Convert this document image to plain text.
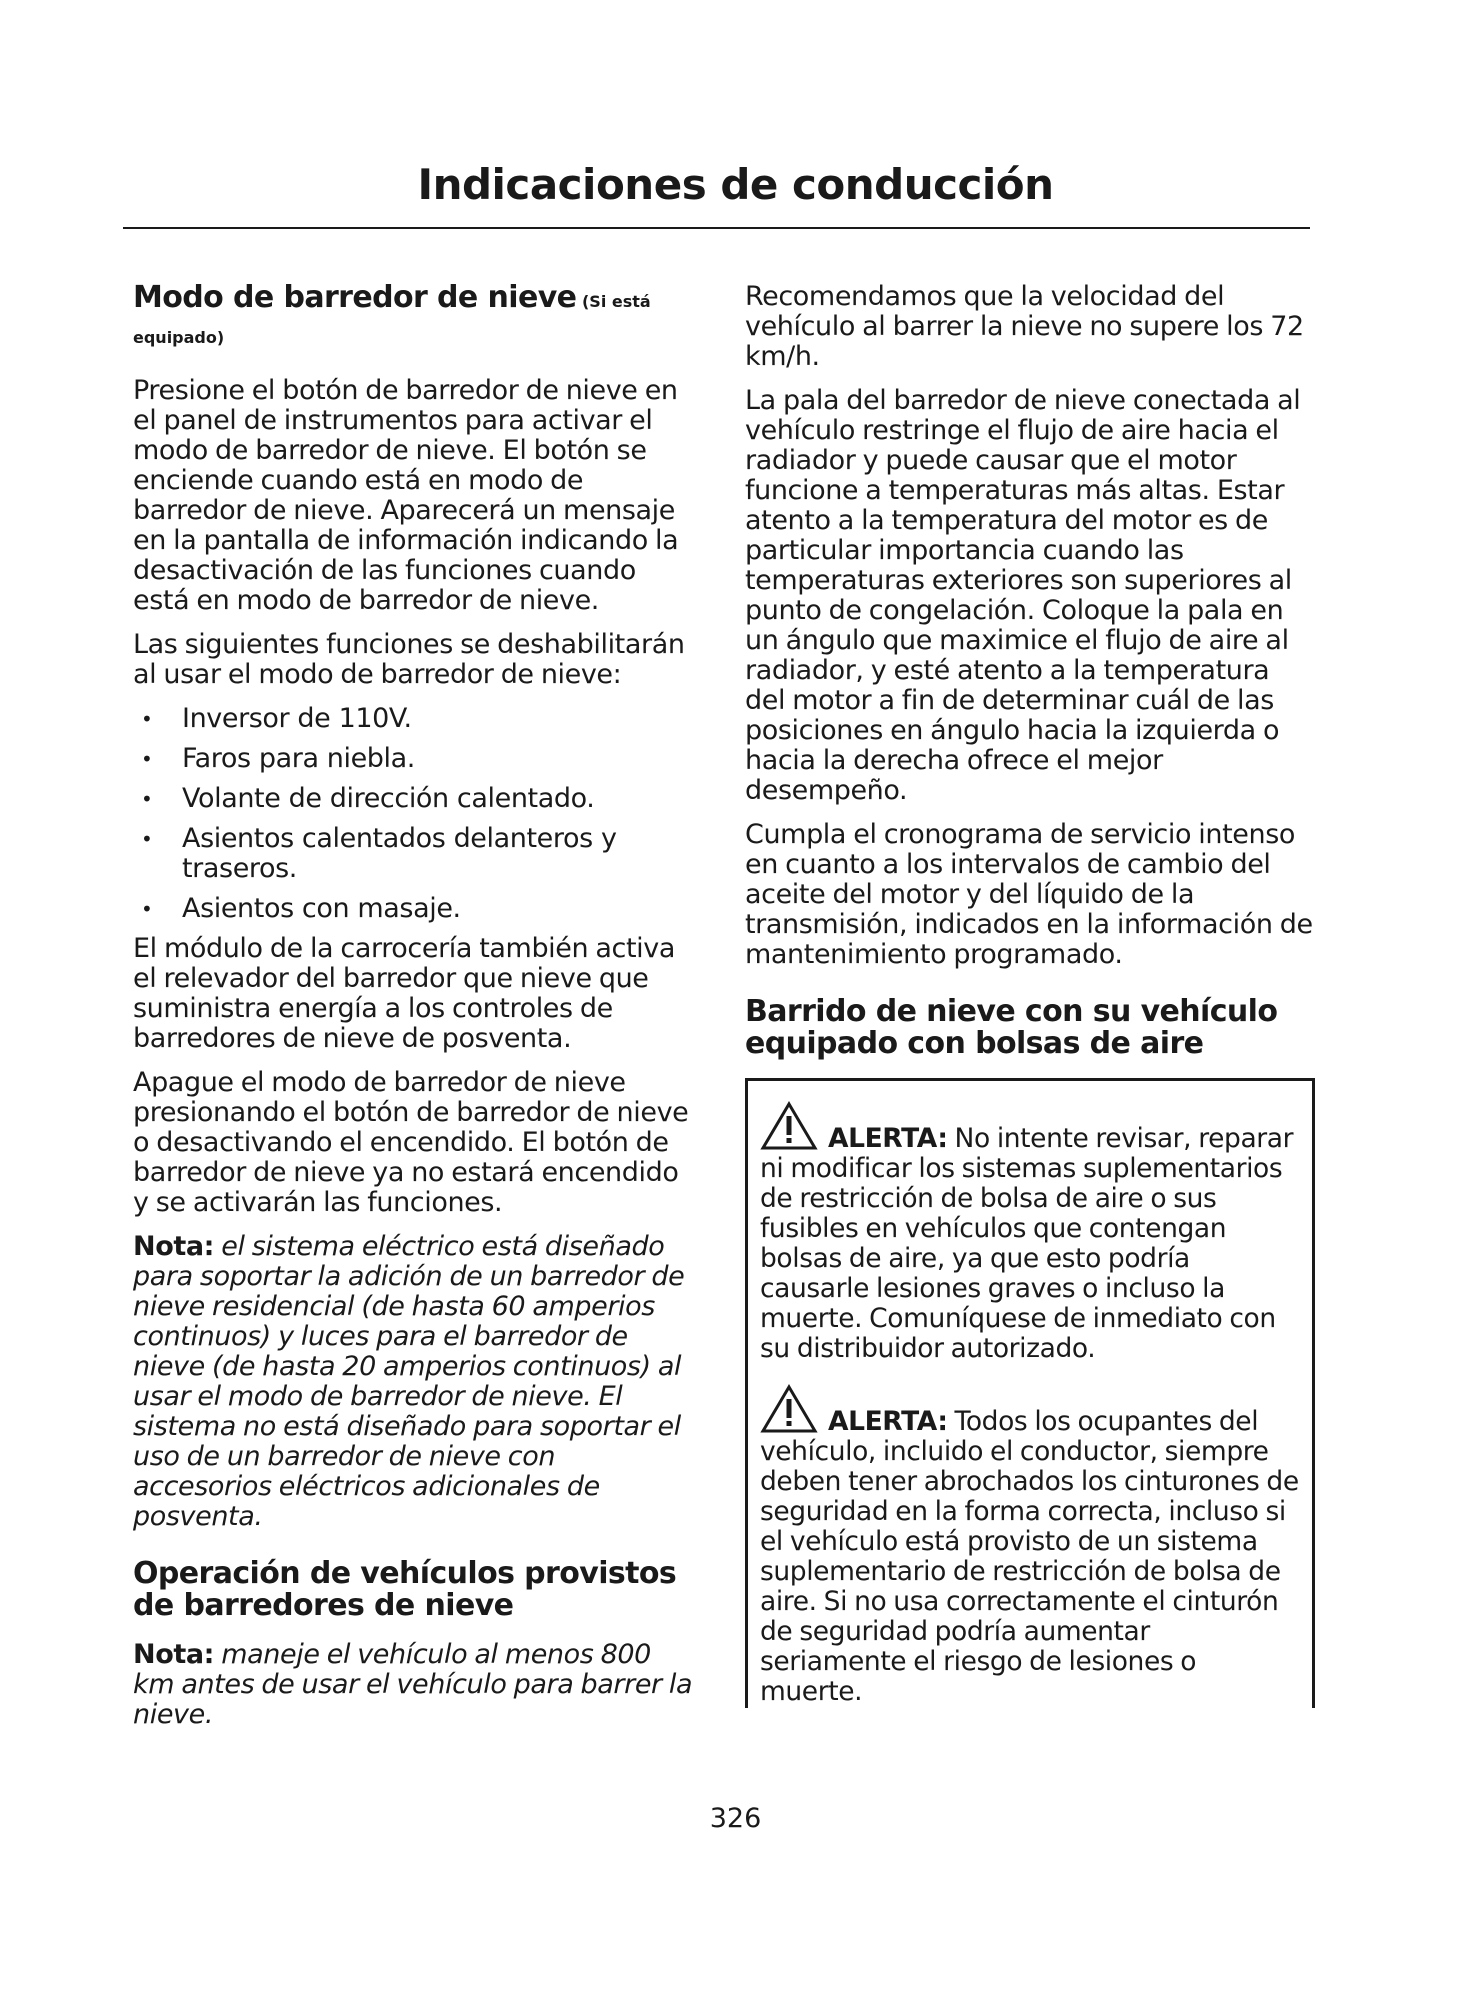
Indicaciones de conducción
Modo de barredor de nieve (Si está
equipado)

Presione el botón de barredor de nieve en el panel de instrumentos para activar el modo de barredor de nieve. El botón se enciende cuando está en modo de barredor de nieve. Aparecerá un mensaje en la pantalla de información indicando la desactivación de las funciones cuando está en modo de barredor de nieve.

Las siguientes funciones se deshabilitarán al usar el modo de barredor de nieve:

• Inversor de 110V.
• Faros para niebla.
• Volante de dirección calentado.
• Asientos calentados delanteros y traseros.
• Asientos con masaje.

El módulo de la carrocería también activa el relevador del barredor que nieve que suministra energía a los controles de barredores de nieve de posventa.

Apague el modo de barredor de nieve presionando el botón de barredor de nieve o desactivando el encendido. El botón de barredor de nieve ya no estará encendido y se activarán las funciones.

Nota: el sistema eléctrico está diseñado para soportar la adición de un barredor de nieve residencial (de hasta 60 amperios continuos) y luces para el barredor de nieve (de hasta 20 amperios continuos) al usar el modo de barredor de nieve. El sistema no está diseñado para soportar el uso de un barredor de nieve con accesorios eléctricos adicionales de posventa.

Operación de vehículos provistos de barredores de nieve

Nota: maneje el vehículo al menos 800 km antes de usar el vehículo para barrer la nieve.

Recomendamos que la velocidad del vehículo al barrer la nieve no supere los 72 km/h.

La pala del barredor de nieve conectada al vehículo restringe el flujo de aire hacia el radiador y puede causar que el motor funcione a temperaturas más altas. Estar atento a la temperatura del motor es de particular importancia cuando las temperaturas exteriores son superiores al punto de congelación. Coloque la pala en un ángulo que maximice el flujo de aire al radiador, y esté atento a la temperatura del motor a fin de determinar cuál de las posiciones en ángulo hacia la izquierda o hacia la derecha ofrece el mejor desempeño.

Cumpla el cronograma de servicio intenso en cuanto a los intervalos de cambio del aceite del motor y del líquido de la transmisión, indicados en la información de mantenimiento programado.

Barrido de nieve con su vehículo equipado con bolsas de aire

ALERTA: No intente revisar, reparar ni modificar los sistemas suplementarios de restricción de bolsa de aire o sus fusibles en vehículos que contengan bolsas de aire, ya que esto podría causarle lesiones graves o incluso la muerte. Comuníquese de inmediato con su distribuidor autorizado.

ALERTA: Todos los ocupantes del vehículo, incluido el conductor, siempre deben tener abrochados los cinturones de seguridad en la forma correcta, incluso si el vehículo está provisto de un sistema suplementario de restricción de bolsa de aire. Si no usa correctamente el cinturón de seguridad podría aumentar seriamente el riesgo de lesiones o muerte.

326
